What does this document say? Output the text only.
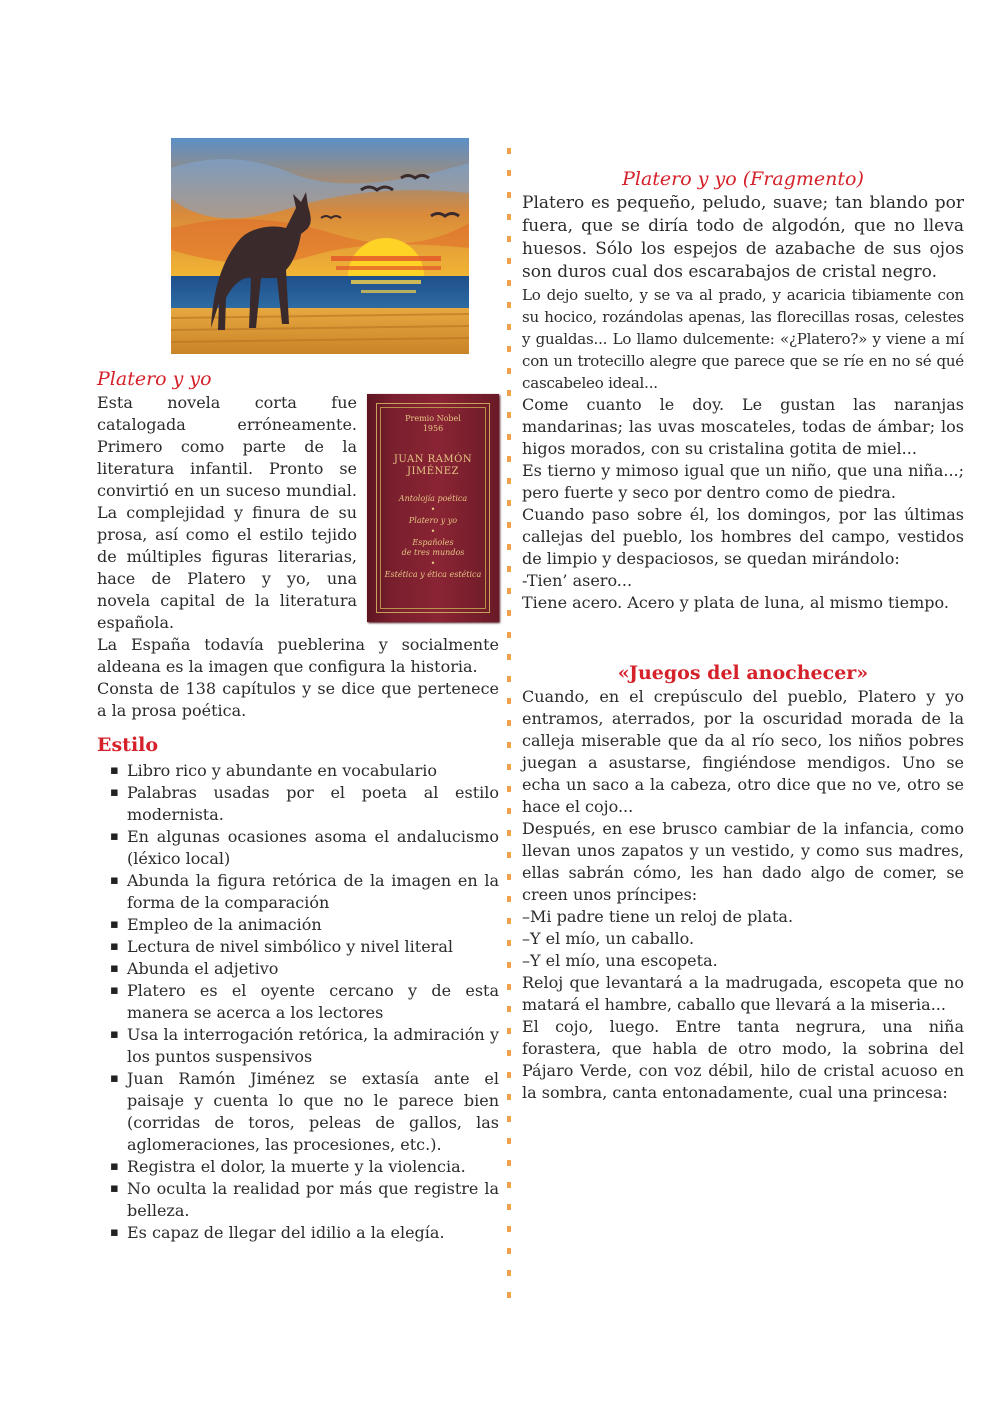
Platero y yo
Premio Nobel
1956
JUAN RAMÓN
JIMÉNEZ
Antolojía poética
•
Platero y yo
•
Españoles
de tres mundos
•
Estética y ética estética

Esta novela corta fue catalogada erróneamente. Primero como parte de la literatura infantil. Pronto se convirtió en un suceso mundial. La complejidad y finura de su prosa, así como el estilo tejido de múltiples figuras literarias, hace de Platero y yo, una novela capital de la literatura española.

La España todavía pueblerina y socialmente aldeana es la imagen que configura la historia.

Consta de 138 capítulos y se dice que pertenece a la prosa poética.

Estilo
▪ Libro rico y abundante en vocabulario
▪ Palabras usadas por el poeta al estilo modernista.
▪ En algunas ocasiones asoma el andalucismo (léxico local)
▪ Abunda la figura retórica de la imagen en la forma de la comparación
▪ Empleo de la animación
▪ Lectura de nivel simbólico y nivel literal
▪ Abunda el adjetivo
▪ Platero es el oyente cercano y de esta manera se acerca a los lectores
▪ Usa la interrogación retórica, la admiración y los puntos suspensivos
▪ Juan Ramón Jiménez se extasía ante el paisaje y cuenta lo que no le parece bien (corridas de toros, peleas de gallos, las aglomeraciones, las procesiones, etc.).
▪ Registra el dolor, la muerte y la violencia.
▪ No oculta la realidad por más que registre la belleza.
▪ Es capaz de llegar del idilio a la elegía.
Platero y yo (Fragmento)

Platero es pequeño, peludo, suave; tan blando por fuera, que se diría todo de algodón, que no lleva huesos. Sólo los espejos de azabache de sus ojos son duros cual dos escarabajos de cristal negro.

Lo dejo suelto, y se va al prado, y acaricia tibiamente con su hocico, rozándolas apenas, las florecillas rosas, celestes y gualdas... Lo llamo dulcemente: «¿Platero?» y viene a mí con un trotecillo alegre que parece que se ríe en no sé qué cascabeleo ideal...

Come cuanto le doy. Le gustan las naranjas mandarinas; las uvas moscateles, todas de ámbar; los higos morados, con su cristalina gotita de miel...

Es tierno y mimoso igual que un niño, que una niña...; pero fuerte y seco por dentro como de piedra.

Cuando paso sobre él, los domingos, por las últimas callejas del pueblo, los hombres del campo, vestidos de limpio y despaciosos, se quedan mirándolo:

-Tien’ asero...

Tiene acero. Acero y plata de luna, al mismo tiempo.

«Juegos del anochecer»

Cuando, en el crepúsculo del pueblo, Platero y yo entramos, aterrados, por la oscuridad morada de la calleja miserable que da al río seco, los niños pobres juegan a asustarse, fingiéndose mendigos. Uno se echa un saco a la cabeza, otro dice que no ve, otro se hace el cojo...

Después, en ese brusco cambiar de la infancia, como llevan unos zapatos y un vestido, y como sus madres, ellas sabrán cómo, les han dado algo de comer, se creen unos príncipes:

–Mi padre tiene un reloj de plata.

–Y el mío, un caballo.

–Y el mío, una escopeta.

Reloj que levantará a la madrugada, escopeta que no matará el hambre, caballo que llevará a la miseria...

El cojo, luego. Entre tanta negrura, una niña forastera, que habla de otro modo, la sobrina del Pájaro Verde, con voz débil, hilo de cristal acuoso en la sombra, canta entonadamente, cual una princesa:
